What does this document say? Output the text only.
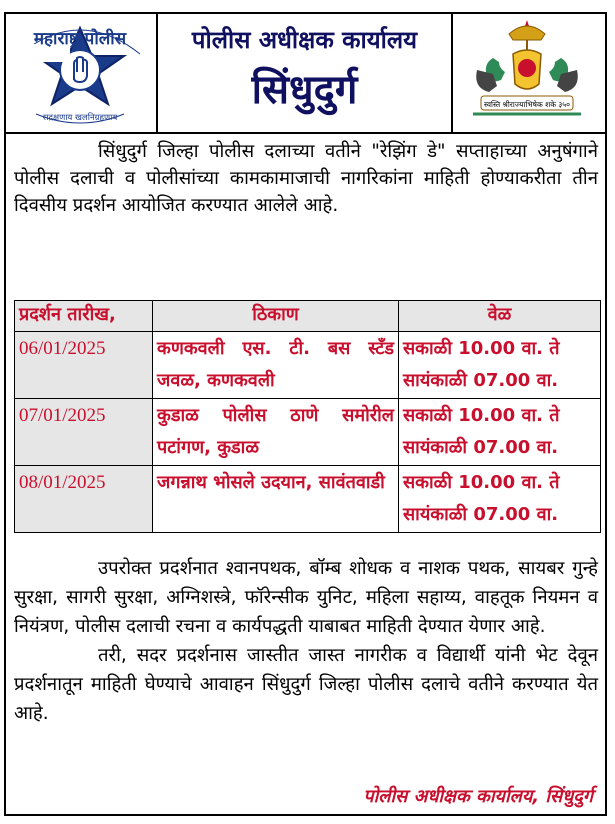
महाराष्ट्र पोलीस
सद्रक्षणाय खलनिग्रहणाय
पोलीस अधीक्षक कार्यालय
सिंधुदुर्ग	स्वस्ति श्रीराज्याभिषेक शके ३५०

सिंधुदुर्ग जिल्हा पोलीस दलाच्या वतीने "रेझिंग डे" सप्ताहाच्या अनुषंगाने पोलीस दलाची व पोलीसांच्या कामकामाजाची नागरिकांना माहिती होण्याकरीता तीन दिवसीय प्रदर्शन आयोजित करण्यात आलेले आहे.

प्रदर्शन तारीख,	ठिकाण	वेळ
06/01/2025	कणकवली एस. टी. बस स्टँड जवळ, कणकवली	सकाळी 10.00 वा. ते सायंकाळी 07.00 वा.
07/01/2025	कुडाळ पोलीस ठाणे समोरील पटांगण, कुडाळ	सकाळी 10.00 वा. ते सायंकाळी 07.00 वा.
08/01/2025	जगन्नाथ भोसले उदयान, सावंतवाडी	सकाळी 10.00 वा. ते सायंकाळी 07.00 वा.

उपरोक्त प्रदर्शनात श्वानपथक, बॉम्ब शोधक व नाशक पथक, सायबर गुन्हे सुरक्षा, सागरी सुरक्षा, अग्निशस्त्रे, फॉरेन्सीक युनिट, महिला सहाय्य, वाहतूक नियमन व नियंत्रण, पोलीस दलाची रचना व कार्यपद्धती याबाबत माहिती देण्यात येणार आहे.

तरी, सदर प्रदर्शनास जास्तीत जास्त नागरीक व विद्यार्थी यांनी भेट देवून प्रदर्शनातून माहिती घेण्याचे आवाहन सिंधुदुर्ग जिल्हा पोलीस दलाचे वतीने करण्यात येत आहे.

पोलीस अधीक्षक कार्यालय, सिंधुदुर्ग
